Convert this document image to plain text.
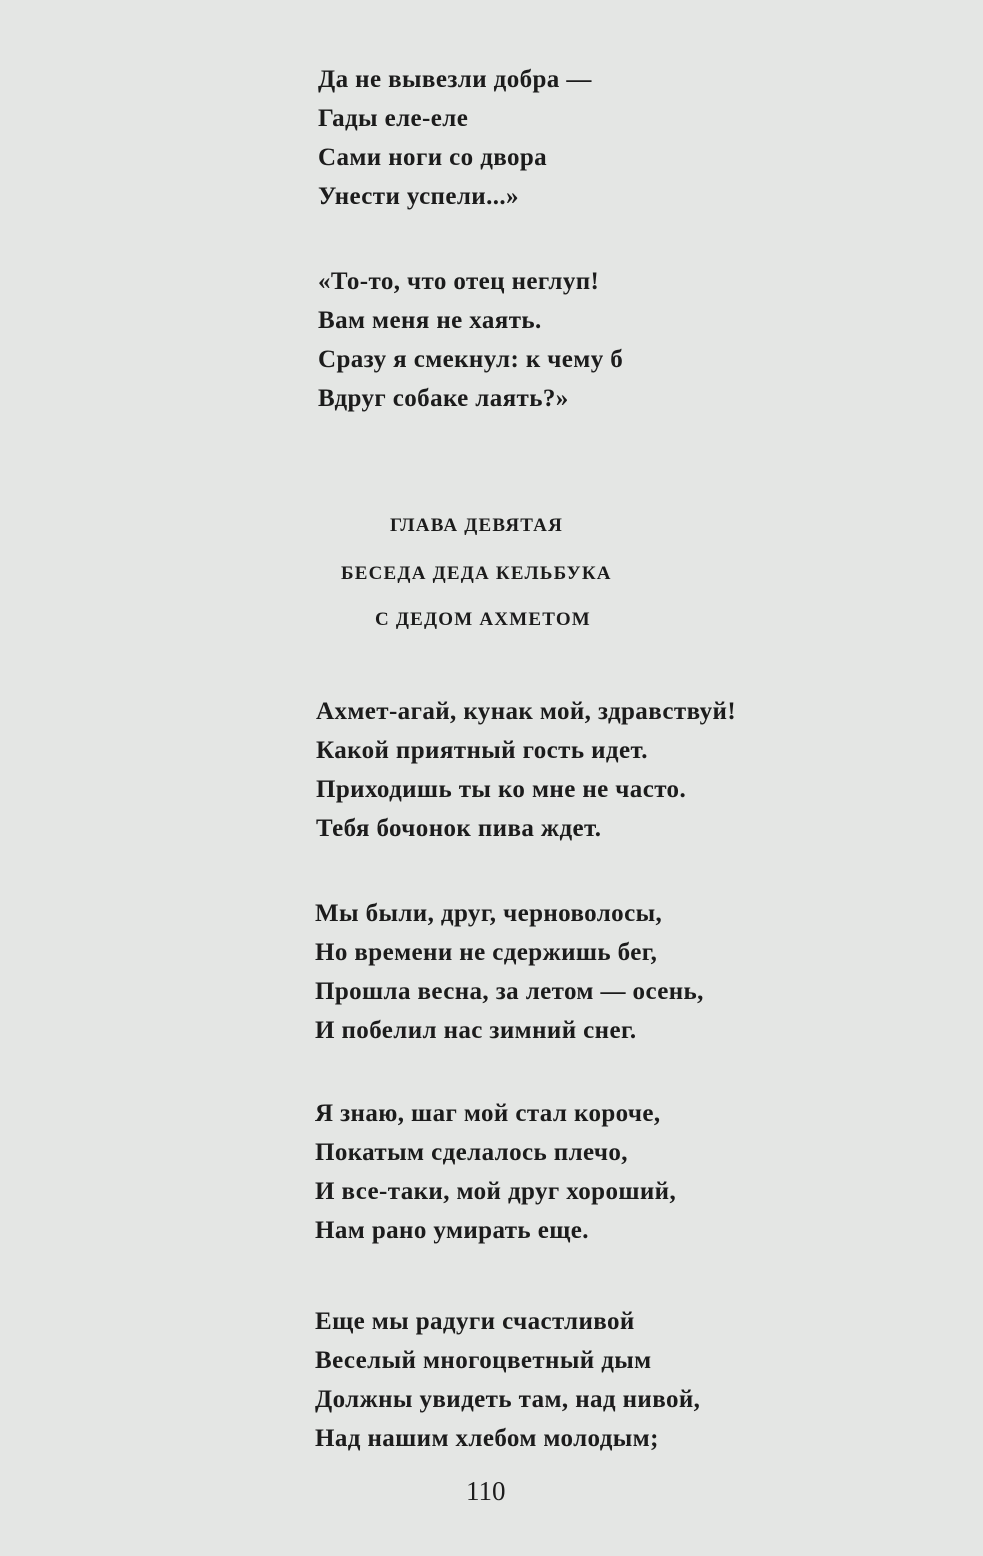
Да не вывезли добра —
Гады еле-еле
Сами ноги со двора
Унести успели...»
«То-то, что отец неглуп!
Вам меня не хаять.
Сразу я смекнул: к чему б
Вдруг собаке лаять?»
ГЛАВА ДЕВЯТАЯ
БЕСЕДА ДЕДА КЕЛЬБУКА
С ДЕДОМ АХМЕТОМ
Ахмет-агай, кунак мой, здравствуй!
Какой приятный гость идет.
Приходишь ты ко мне не часто.
Тебя бочонок пива ждет.
Мы были, друг, черноволосы,
Но времени не сдержишь бег,
Прошла весна, за летом — осень,
И побелил нас зимний снег.
Я знаю, шаг мой стал короче,
Покатым сделалось плечо,
И все-таки, мой друг хороший,
Нам рано умирать еще.
Еще мы радуги счастливой
Веселый многоцветный дым
Должны увидеть там, над нивой,
Над нашим хлебом молодым;
110
